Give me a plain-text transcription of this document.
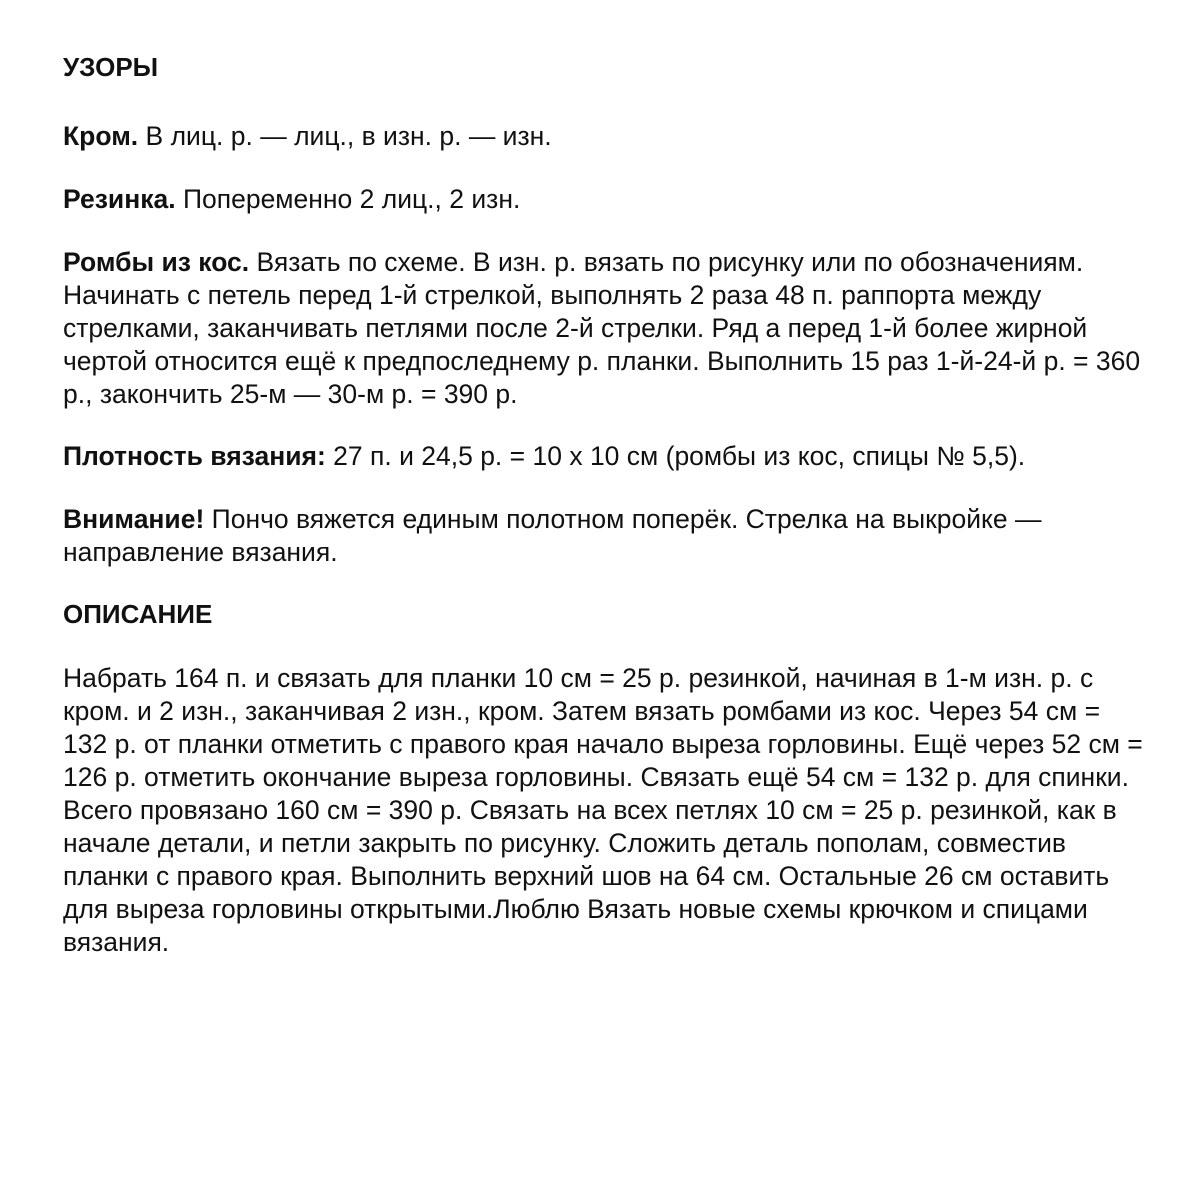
УЗОРЫ

Кром. В лиц. р. — лиц., в изн. р. — изн.

Резинка. Попеременно 2 лиц., 2 изн.

Ромбы из кос. Вязать по схеме. В изн. р. вязать по рисунку или по обозначениям. Начинать с петель перед 1-й стрелкой, выполнять 2 раза 48 п. раппорта между стрелками, заканчивать петлями после 2-й стрелки. Ряд а перед 1-й более жирной чертой относится ещё к предпоследнему р. планки. Выполнить 15 раз 1-й-24-й р. = 360 р., закончить 25-м — 30-м р. = 390 р.

Плотность вязания: 27 п. и 24,5 р. = 10 х 10 см (ромбы из кос, спицы № 5,5).

Внимание! Пончо вяжется единым полотном поперёк. Стрелка на выкройке — направление вязания.

ОПИСАНИЕ

Набрать 164 п. и связать для планки 10 см = 25 р. резинкой, начиная в 1-м изн. р. с кром. и 2 изн., заканчивая 2 изн., кром. Затем вязать ромбами из кос. Через 54 см = 132 р. от планки отметить с правого края начало выреза горловины. Ещё через 52 см = 126 р. отметить окончание выреза горловины. Связать ещё 54 см = 132 р. для спинки. Всего провязано 160 см = 390 р. Связать на всех петлях 10 см = 25 р. резинкой, как в начале детали, и петли закрыть по рисунку. Сложить деталь пополам, совместив планки с правого края. Выполнить верхний шов на 64 см. Остальные 26 см оставить для выреза горловины открытыми.Люблю Вязать новые схемы крючком и спицами вязания.
